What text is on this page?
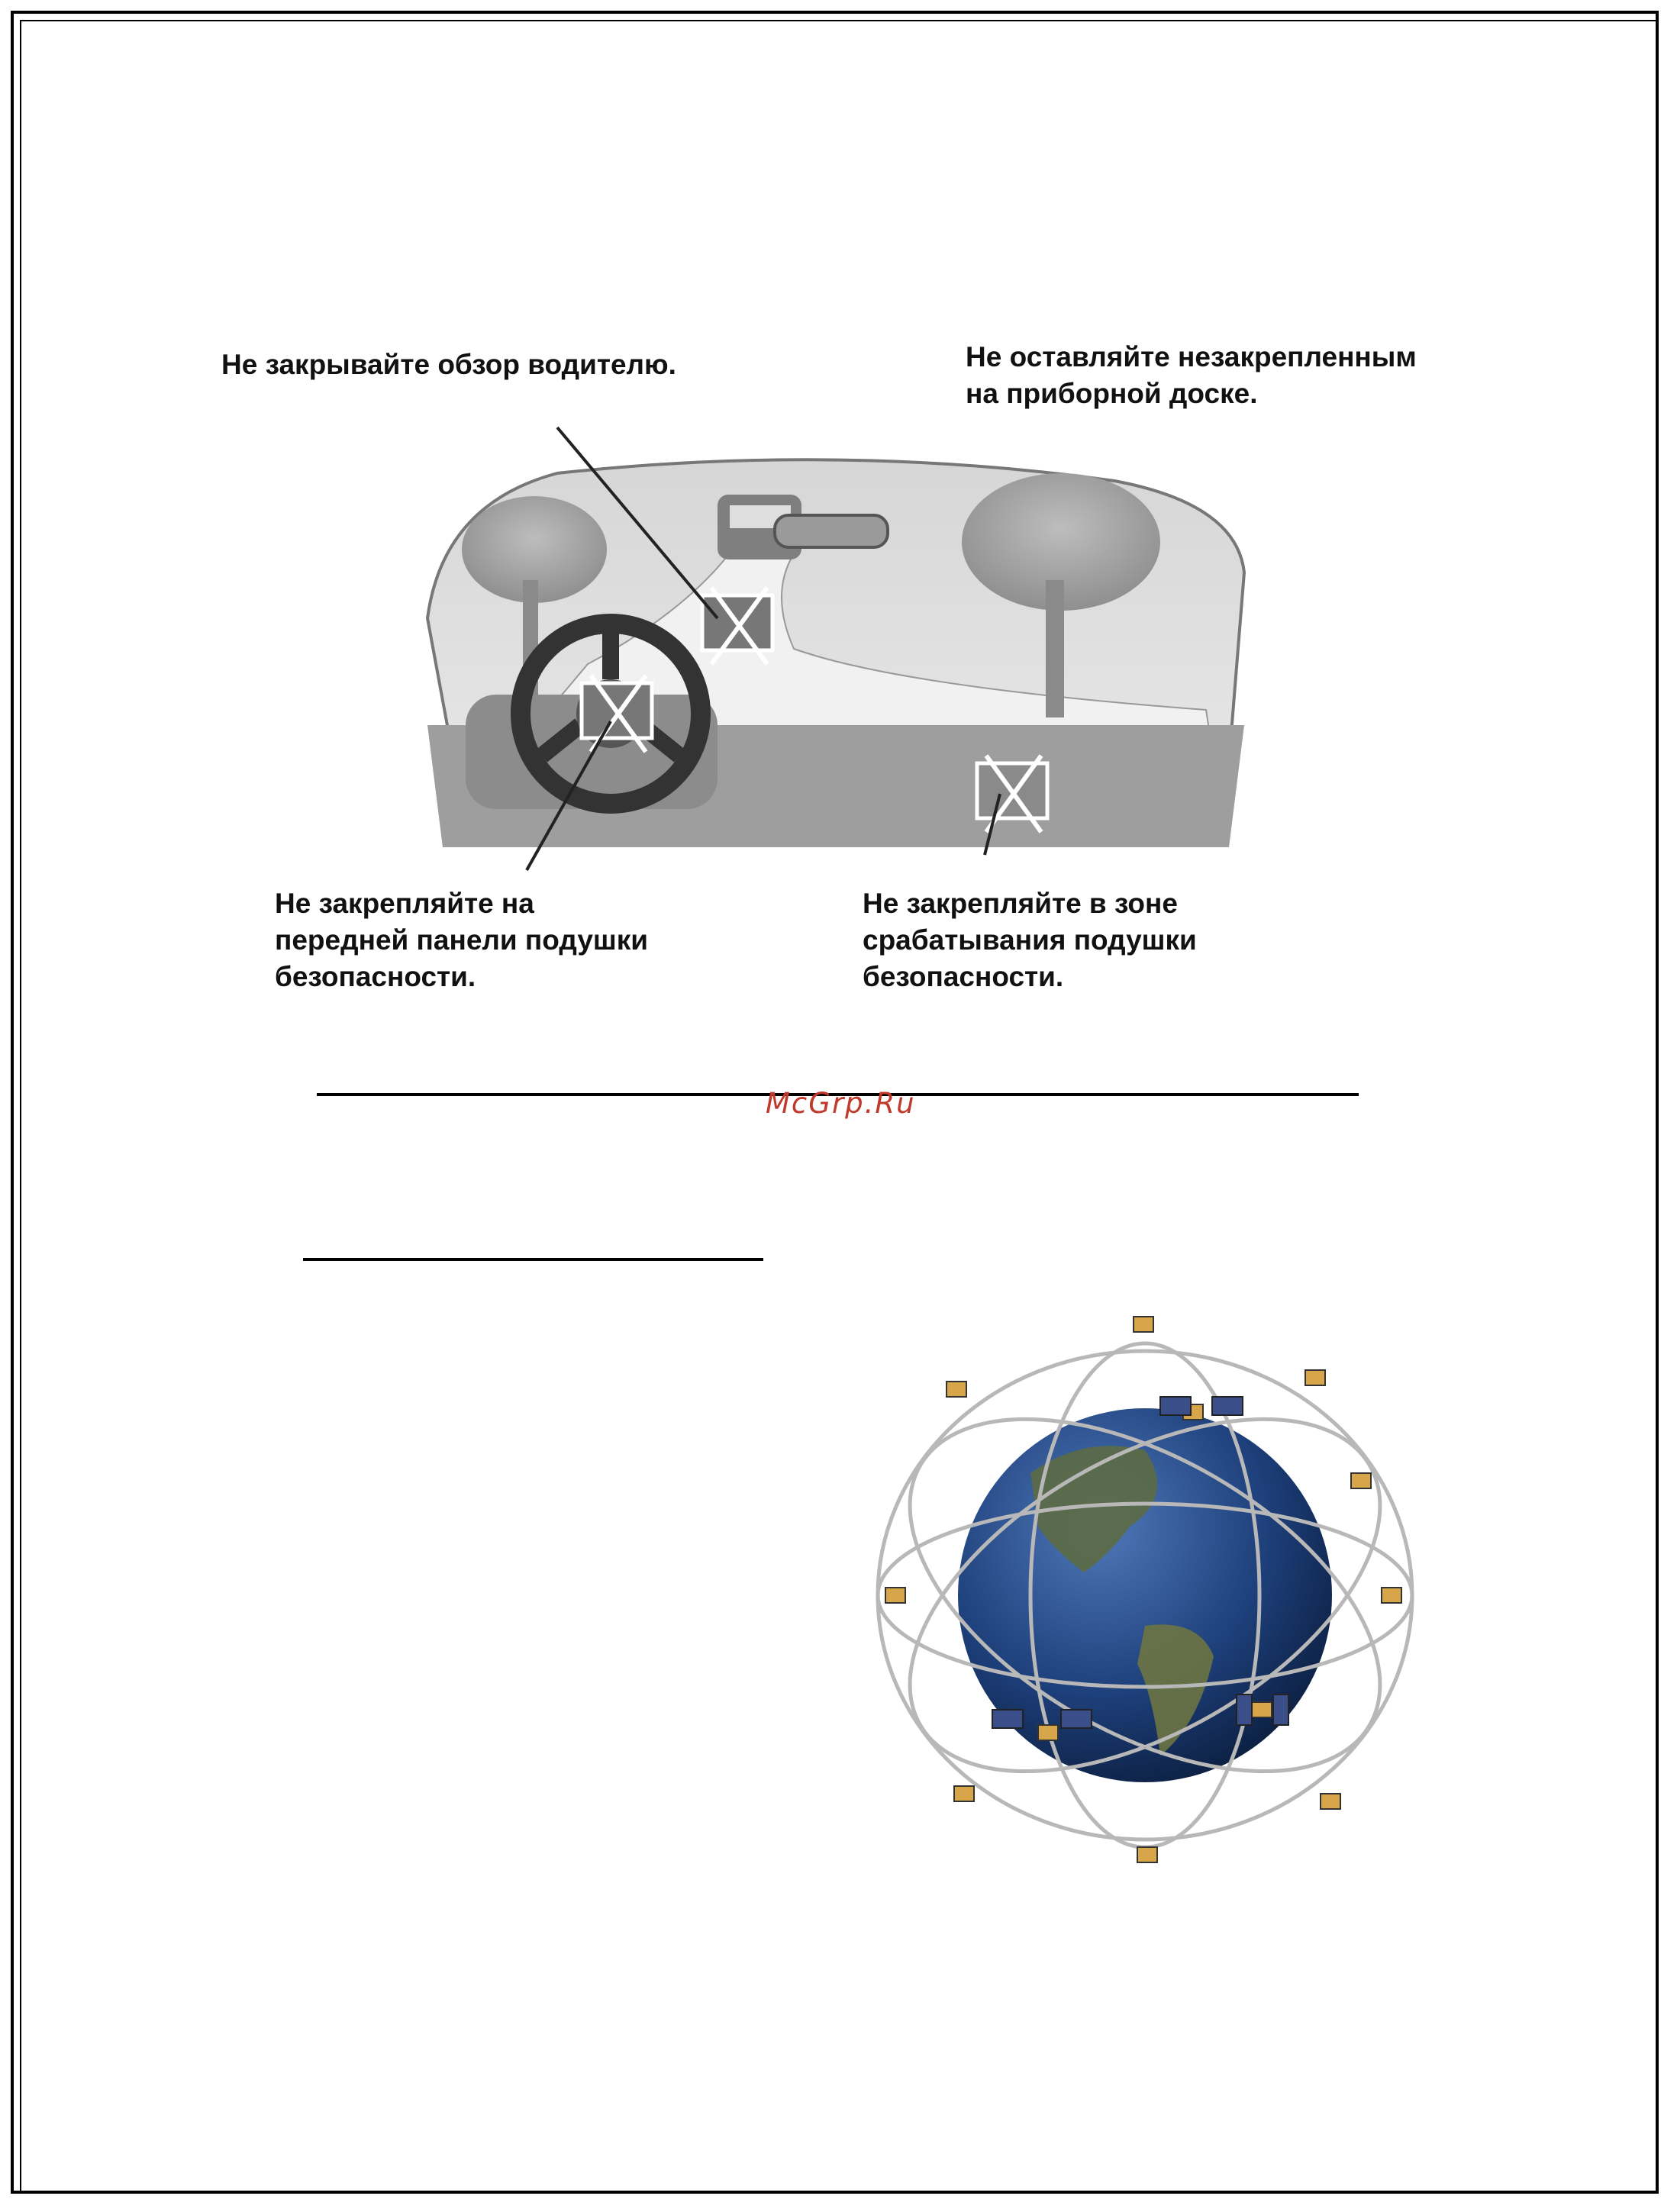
Не закрывайте обзор водителю.	Не оставляйте незакрепленным
на приборной доске.

Не закрепляйте на
передней панели подушки
безопасности.

Не закрепляйте в зоне
срабатывания подушки
безопасности.

McGrp.Ru
